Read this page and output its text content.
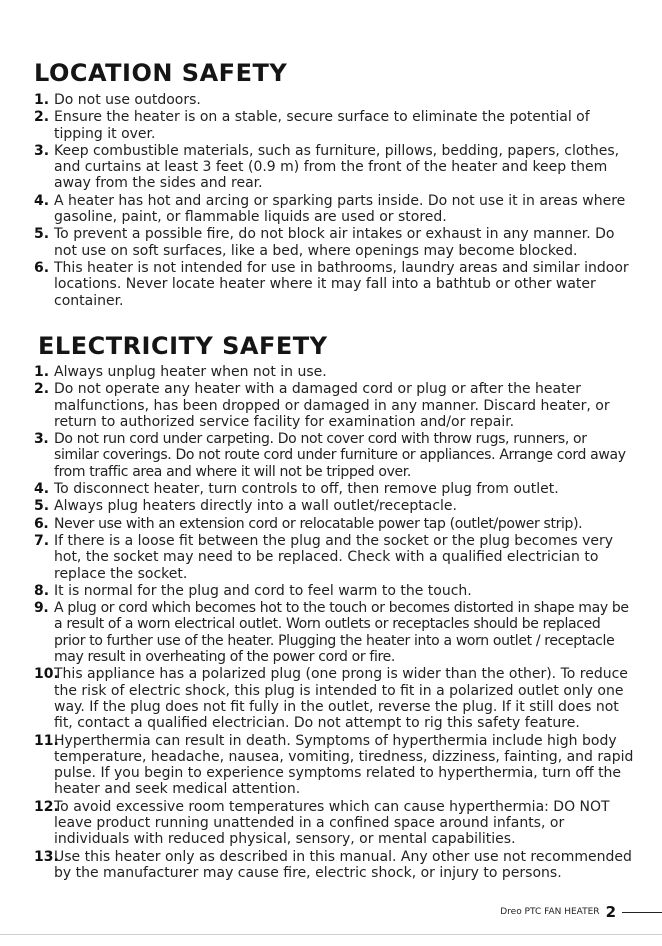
LOCATION SAFETY
1. Do not use outdoors.
2. Ensure the heater is on a stable, secure surface to eliminate the potential of tipping it over.
3. Keep combustible materials, such as furniture, pillows, bedding, papers, clothes, and curtains at least 3 feet (0.9 m) from the front of the heater and keep them away from the sides and rear.
4. A heater has hot and arcing or sparking parts inside. Do not use it in areas where gasoline, paint, or flammable liquids are used or stored.
5. To prevent a possible fire, do not block air intakes or exhaust in any manner. Do not use on soft surfaces, like a bed, where openings may become blocked.
6. This heater is not intended for use in bathrooms, laundry areas and similar indoor locations. Never locate heater where it may fall into a bathtub or other water container.
ELECTRICITY SAFETY
1. Always unplug heater when not in use.
2. Do not operate any heater with a damaged cord or plug or after the heater malfunctions, has been dropped or damaged in any manner. Discard heater, or return to authorized service facility for examination and/or repair.
3. Do not run cord under carpeting. Do not cover cord with throw rugs, runners, or similar coverings. Do not route cord under furniture or appliances. Arrange cord away from traffic area and where it will not be tripped over.
4. To disconnect heater, turn controls to off, then remove plug from outlet.
5. Always plug heaters directly into a wall outlet/receptacle.
6. Never use with an extension cord or relocatable power tap (outlet/power strip).
7. If there is a loose fit between the plug and the socket or the plug becomes very hot, the socket may need to be replaced. Check with a qualified electrician to replace the socket.
8. It is normal for the plug and cord to feel warm to the touch.
9. A plug or cord which becomes hot to the touch or becomes distorted in shape may be a result of a worn electrical outlet. Worn outlets or receptacles should be replaced prior to further use of the heater. Plugging the heater into a worn outlet / receptacle may result in overheating of the power cord or fire.
10.
This appliance has a polarized plug (one prong is wider than the other). To reduce the risk of electric shock, this plug is intended to fit in a polarized outlet only one way. If the plug does not fit fully in the outlet, reverse the plug. If it still does not fit, contact a qualified electrician. Do not attempt to rig this safety feature.
11.
Hyperthermia can result in death. Symptoms of hyperthermia include high body temperature, headache, nausea, vomiting, tiredness, dizziness, fainting, and rapid pulse. If you begin to experience symptoms related to hyperthermia, turn off the heater and seek medical attention.
12.
To avoid excessive room temperatures which can cause hyperthermia: DO NOT leave product running unattended in a confined space around infants, or individuals with reduced physical, sensory, or mental capabilities.
13.
Use this heater only as described in this manual. Any other use not recommended by the manufacturer may cause fire, electric shock, or injury to persons.
Dreo PTC FAN HEATER 2
